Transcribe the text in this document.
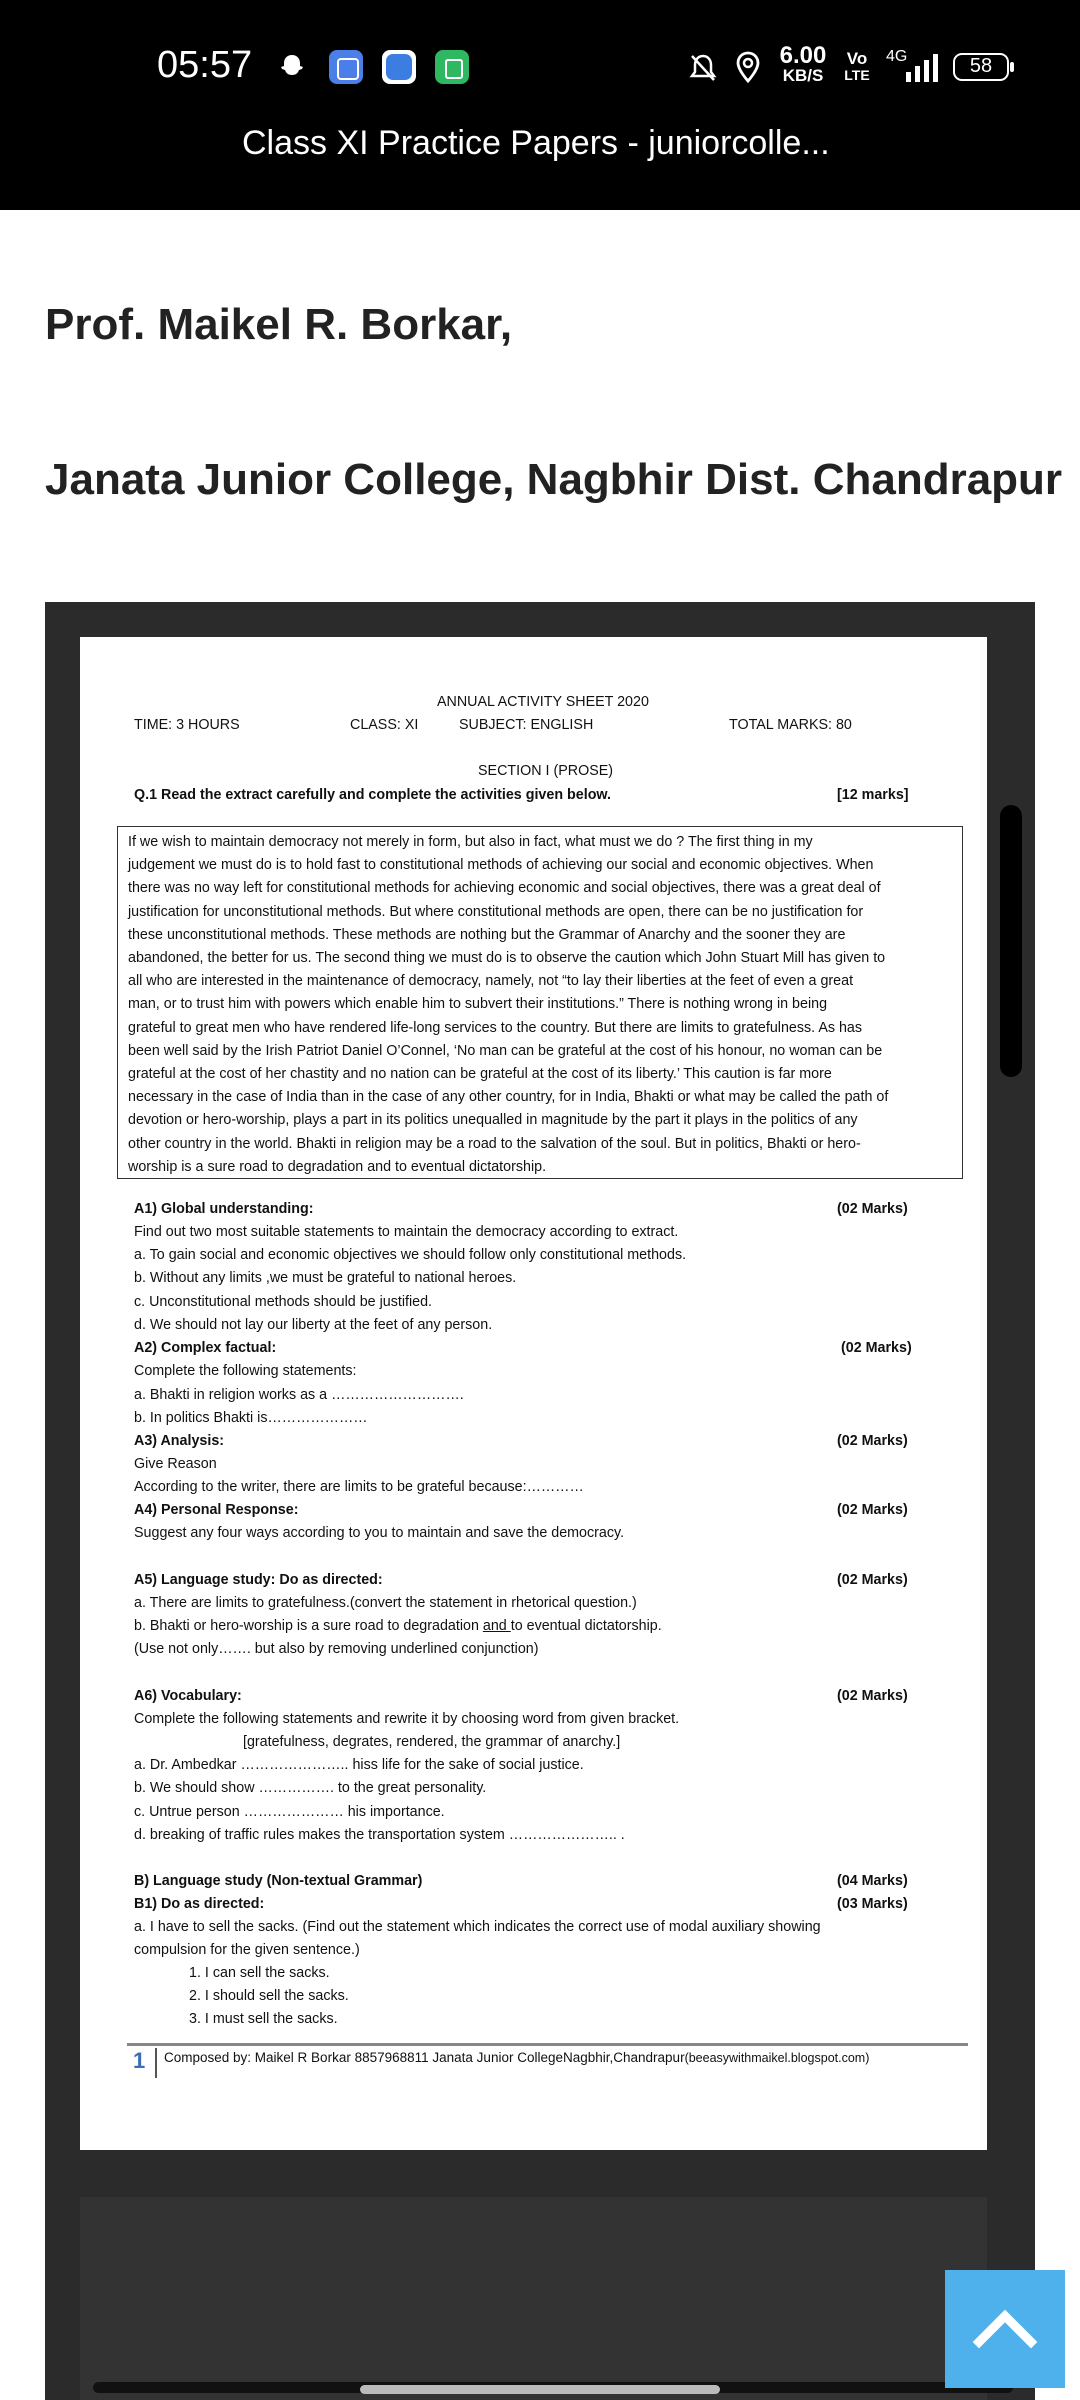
05:57	6.00
KB/S
Vo
LTE
4G	58
Class XI Practice Papers - juniorcolle...
Prof. Maikel R. Borkar,
Janata Junior College, Nagbhir Dist. Chandrapur
ANNUAL ACTIVITY SHEET 2020
TIME: 3 HOURS	CLASS: XI	SUBJECT: ENGLISH	TOTAL MARKS: 80
SECTION I (PROSE)
Q.1 Read the extract carefully and complete the activities given below.	[12 marks]
If we wish to maintain democracy not merely in form, but also in fact, what must we do ? The first thing in my
judgement we must do is to hold fast to constitutional methods of achieving our social and economic objectives. When
there was no way left for constitutional methods for achieving economic and social objectives, there was a great deal of
justification for unconstitutional methods. But where constitutional methods are open, there can be no justification for
these unconstitutional methods. These methods are nothing but the Grammar of Anarchy and the sooner they are
abandoned, the better for us. The second thing we must do is to observe the caution which John Stuart Mill has given to
all who are interested in the maintenance of democracy, namely, not “to lay their liberties at the feet of even a great
man, or to trust him with powers which enable him to subvert their institutions.” There is nothing wrong in being
grateful to great men who have rendered life-long services to the country. But there are limits to gratefulness. As has
been well said by the Irish Patriot Daniel O’Connel, ‘No man can be grateful at the cost of his honour, no woman can be
grateful at the cost of her chastity and no nation can be grateful at the cost of its liberty.’ This caution is far more
necessary in the case of India than in the case of any other country, for in India, Bhakti or what may be called the path of
devotion or hero-worship, plays a part in its politics unequalled in magnitude by the part it plays in the politics of any
other country in the world. Bhakti in religion may be a road to the salvation of the soul. But in politics, Bhakti or hero-
worship is a sure road to degradation and to eventual dictatorship.
A1) Global understanding:	(02 Marks)
Find out two most suitable statements to maintain the democracy according to extract.
a. To gain social and economic objectives we should follow only constitutional methods.
b. Without any limits ,we must be grateful to national heroes.
c. Unconstitutional methods should be justified.
d. We should not lay our liberty at the feet of any person.
A2) Complex factual:	(02 Marks)
Complete the following statements:
a. Bhakti in religion works as a ……………………….
b. In politics Bhakti is…………………
A3) Analysis:	(02 Marks)
Give Reason
According to the writer, there are limits to be grateful because:…………
A4) Personal Response:	(02 Marks)
Suggest any four ways according to you to maintain and save the democracy.
A5) Language study: Do as directed:	(02 Marks)
a. There are limits to gratefulness.(convert the statement in rhetorical question.)
b. Bhakti or hero-worship is a sure road to degradation and to eventual dictatorship.
(Use not only……. but also by removing underlined conjunction)
A6) Vocabulary:	(02 Marks)
Complete the following statements and rewrite it by choosing word from given bracket.
[gratefulness, degrates, rendered, the grammar of anarchy.]
a. Dr. Ambedkar ………………….. hiss life for the sake of social justice.
b. We should show ……………. to the great personality.
c. Untrue person ………………… his importance.
d. breaking of traffic rules makes the transportation system ………………….. .
B) Language study (Non-textual Grammar)	(04 Marks)
B1) Do as directed:	(03 Marks)
a. I have to sell the sacks. (Find out the statement which indicates the correct use of modal auxiliary showing
compulsion for the given sentence.)
1. I can sell the sacks.
2. I should sell the sacks.
3. I must sell the sacks.
1 Composed by: Maikel R Borkar 8857968811 Janata Junior CollegeNagbhir,Chandrapur(beeasywithmaikel.blogspot.com)
